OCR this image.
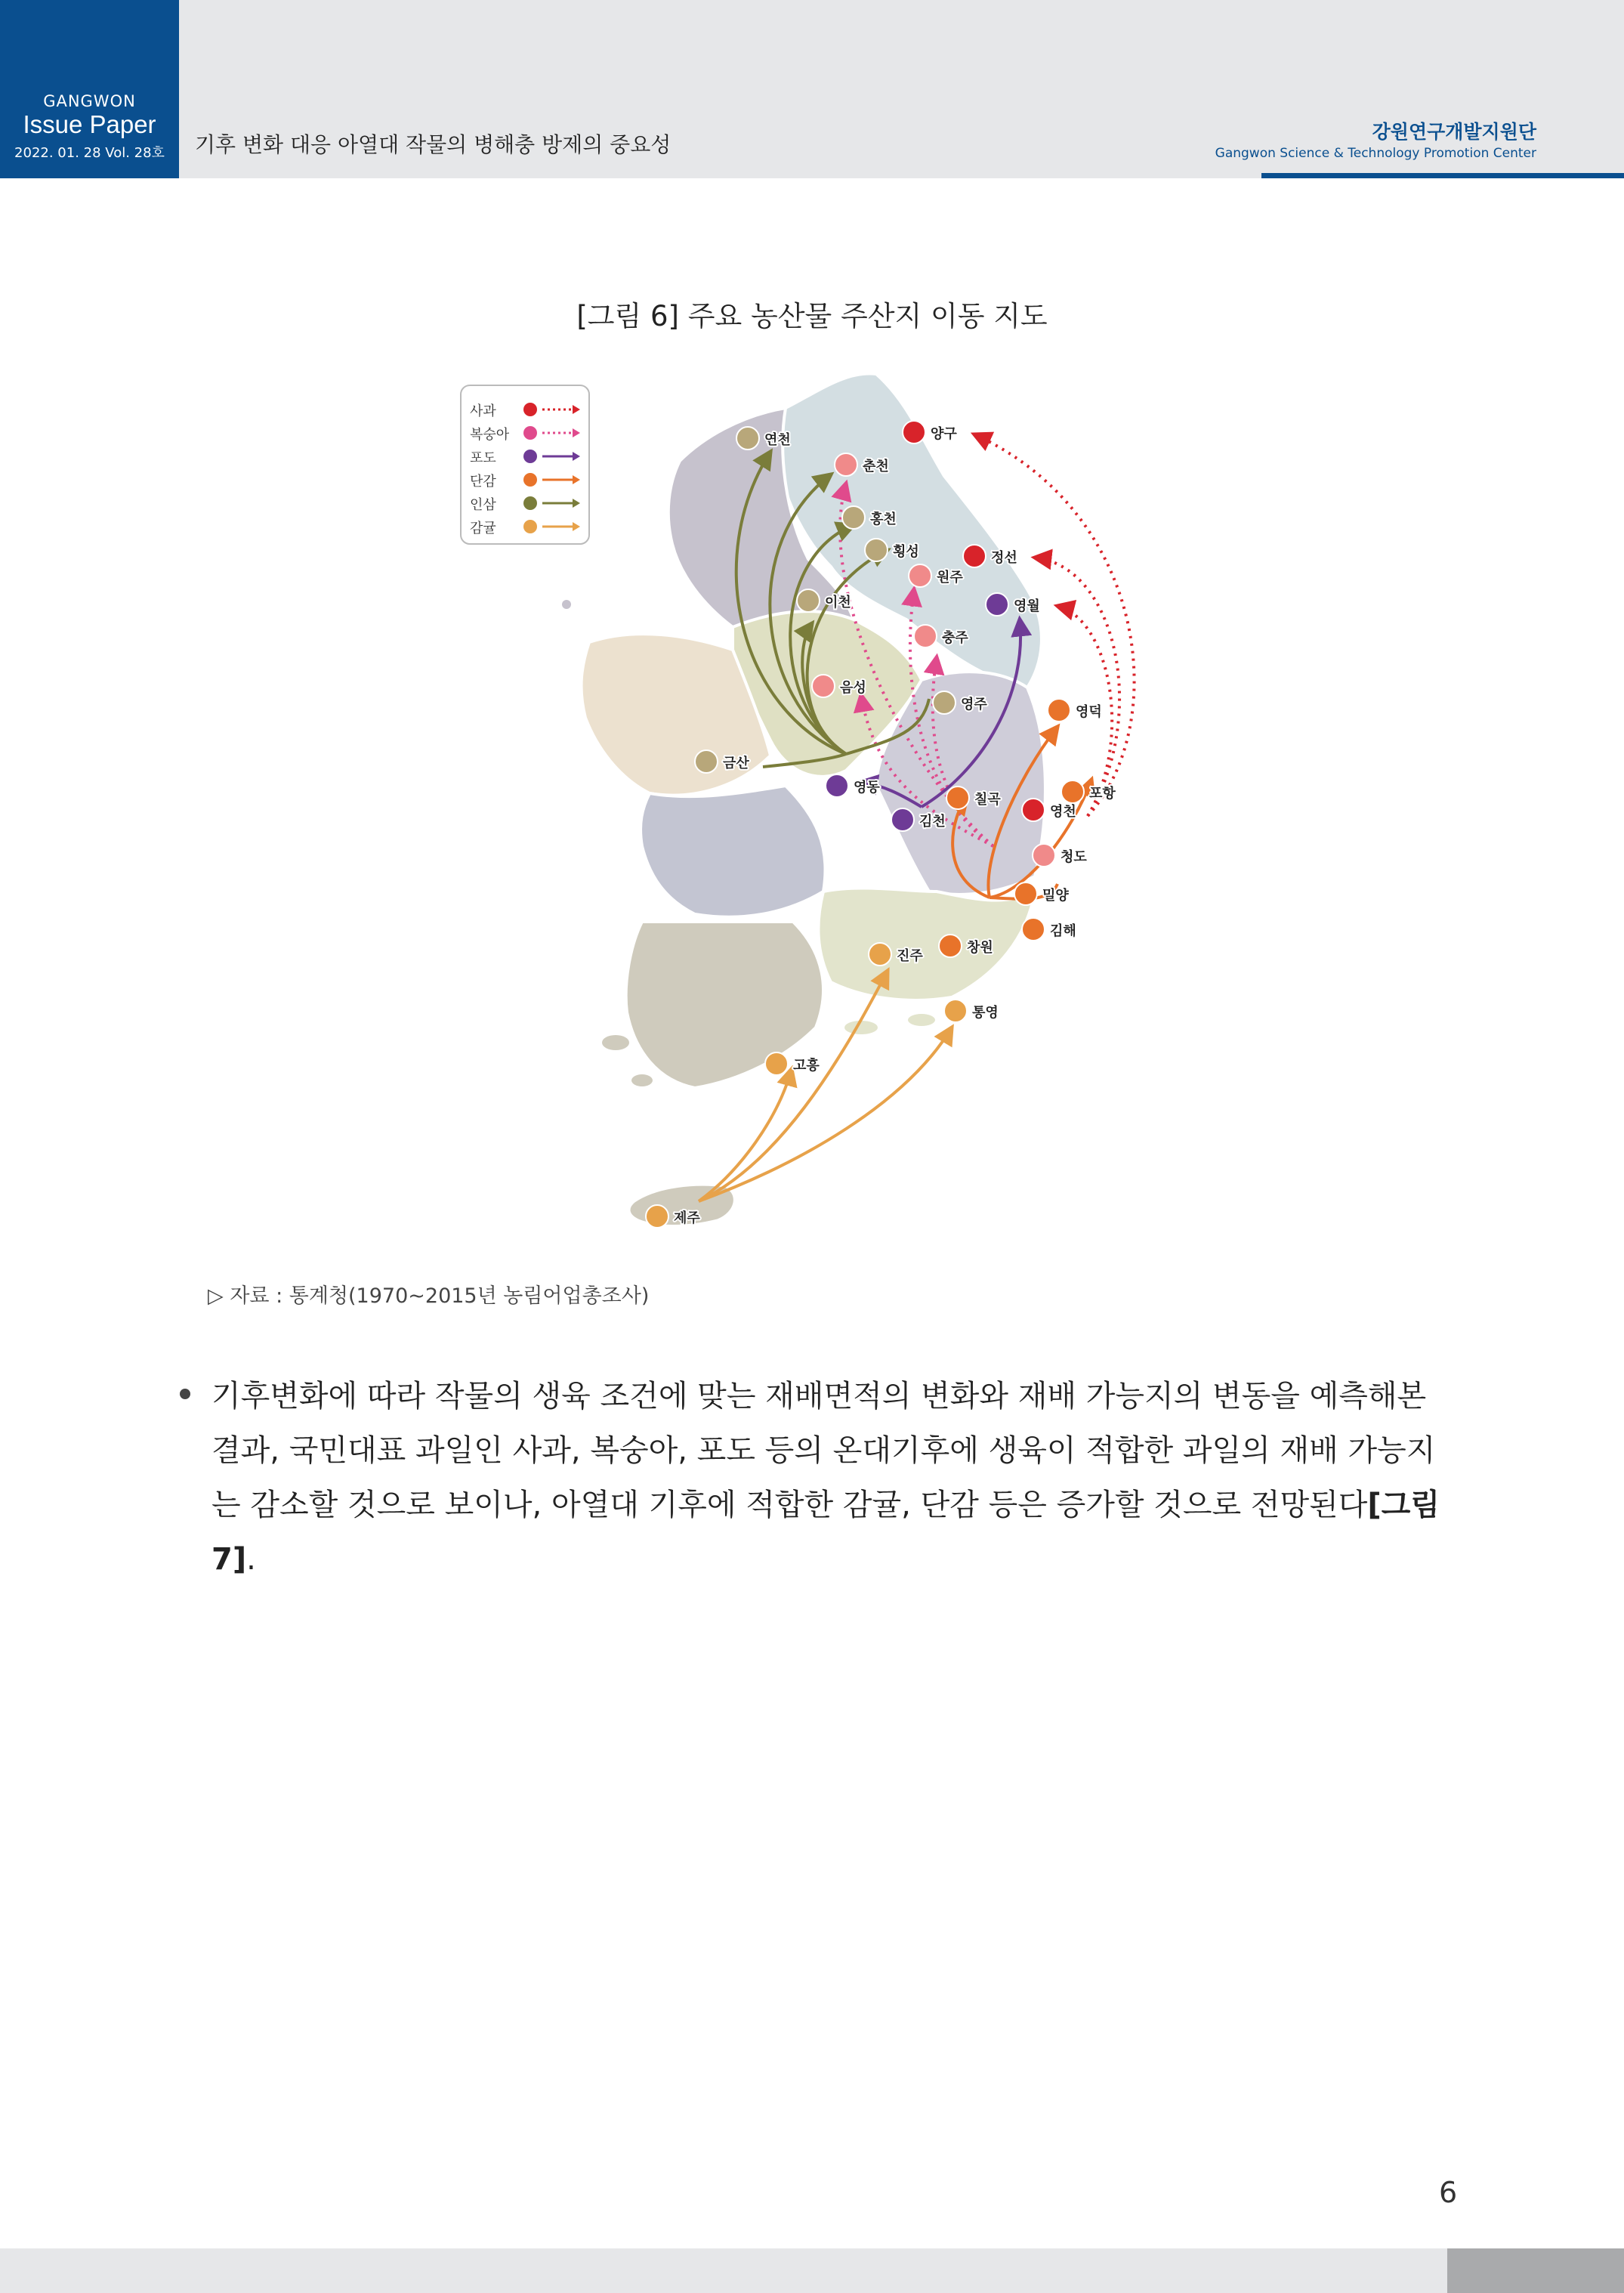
GANGWON
Issue Paper
2022. 01. 28 Vol. 28호	기후 변화 대응 아열대 작물의 병해충 방제의 중요성
강원연구개발지원단
Gangwon Science & Technology Promotion Center
[그림 6] 주요 농산물 주산지 이동 지도
사과
복숭아
포도
단감
인삼
감귤
연천
춘천
양구
홍천
횡성	정선
원주
이천	영월
충주
음성
영주	영덕
금산
영동
칠곡	포항
김천
영천
청도
밀양
김해
창원
진주
통영
고흥
제주
▷ 자료 : 통계청(1970~2015년 농림어업총조사)
기후변화에 따라 작물의 생육 조건에 맞는 재배면적의 변화와 재배 가능지의 변동을 예측해본 결과, 국민대표 과일인 사과, 복숭아, 포도 등의 온대기후에 생육이 적합한 과일의 재배 가능지는 감소할 것으로 보이나, 아열대 기후에 적합한 감귤, 단감 등은 증가할 것으로 전망된다[그림 7].
6
